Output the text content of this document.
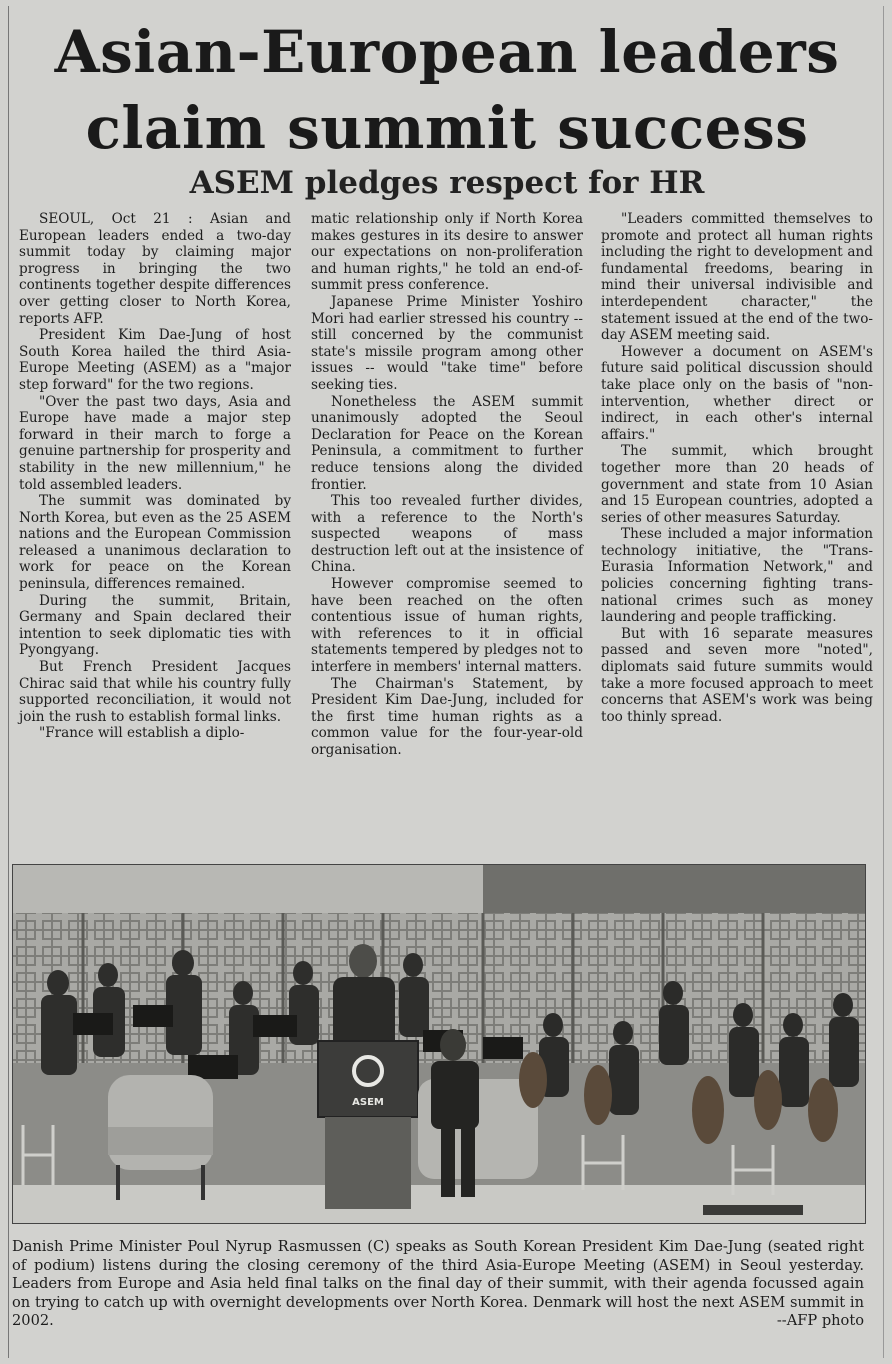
Asian-European leaders
claim summit success
ASEM pledges respect for HR

SEOUL, Oct 21 : Asian and European leaders ended a two-day summit today by claiming major progress in bringing the two continents together despite differences over getting closer to North Korea, reports AFP.

President Kim Dae-Jung of host South Korea hailed the third Asia-Europe Meeting (ASEM) as a "major step forward" for the two regions.

"Over the past two days, Asia and Europe have made a major step forward in their march to forge a genuine partnership for prosperity and stability in the new millennium," he told assembled leaders.

The summit was dominated by North Korea, but even as the 25 ASEM nations and the European Commission released a unanimous declaration to work for peace on the Korean peninsula, differences remained.

During the summit, Britain, Germany and Spain declared their intention to seek diplomatic ties with Pyongyang.

But French President Jacques Chirac said that while his country fully supported reconciliation, it would not join the rush to establish formal links.

"France will establish a diplo-

matic relationship only if North Korea makes gestures in its desire to answer our expectations on non-proliferation and human rights," he told an end-of-summit press conference.

Japanese Prime Minister Yoshiro Mori had earlier stressed his country -- still concerned by the communist state's missile program among other issues -- would "take time" before seeking ties.

Nonetheless the ASEM summit unanimously adopted the Seoul Declaration for Peace on the Korean Peninsula, a commitment to further reduce tensions along the divided frontier.

This too revealed further divides, with a reference to the North's suspected weapons of mass destruction left out at the insistence of China.

However compromise seemed to have been reached on the often contentious issue of human rights, with references to it in official statements tempered by pledges not to interfere in members' internal matters.

The Chairman's Statement, by President Kim Dae-Jung, included for the first time human rights as a common value for the four-year-old organisation.

"Leaders committed themselves to promote and protect all human rights including the right to development and fundamental freedoms, bearing in mind their universal indivisible and interdependent character," the statement issued at the end of the two-day ASEM meeting said.

However a document on ASEM's future said political discussion should take place only on the basis of "non-intervention, whether direct or indirect, in each other's internal affairs."

The summit, which brought together more than 20 heads of government and state from 10 Asian and 15 European countries, adopted a series of other measures Saturday.

These included a major information technology initiative, the "Trans-Eurasia Information Network," and policies concerning fighting trans-national crimes such as money laundering and people trafficking.

But with 16 separate measures passed and seven more "noted", diplomats said future summits would take a more focused approach to meet concerns that ASEM's work was being too thinly spread.

ASEM

Danish Prime Minister Poul Nyrup Rasmussen (C) speaks as South Korean President Kim Dae-Jung (seated right of podium) listens during the closing ceremony of the third Asia-Europe Meeting (ASEM) in Seoul yesterday. Leaders from Europe and Asia held final talks on the final day of their summit, with their agenda focussed again on trying to catch up with overnight developments over North Korea. Denmark will host the next ASEM summit in 2002.	--AFP photo
